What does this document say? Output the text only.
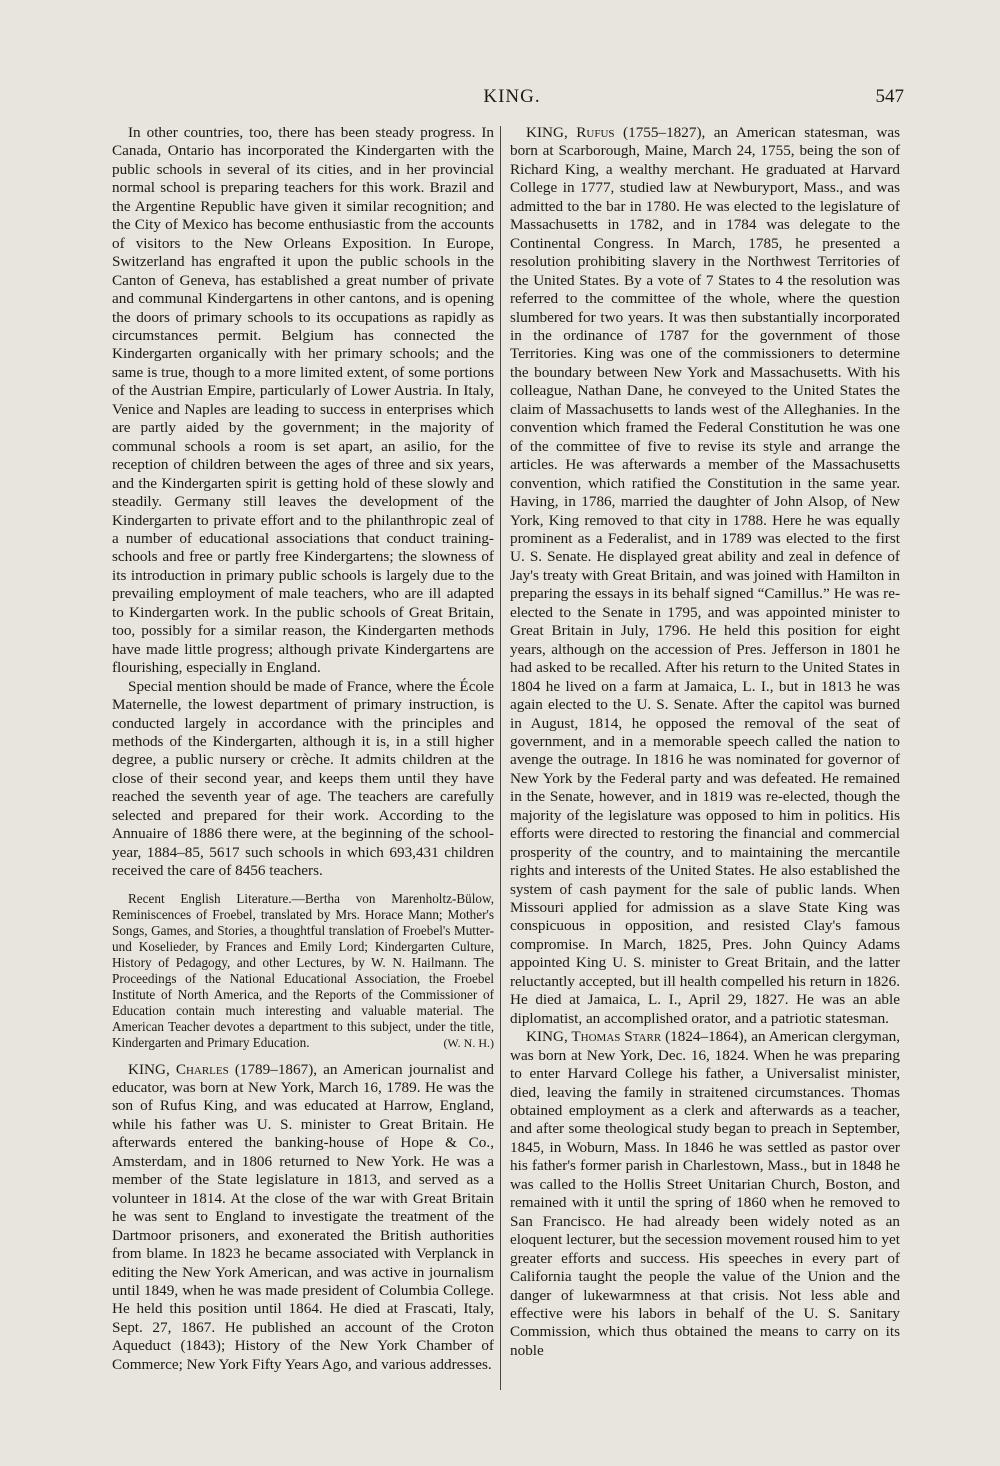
KING.	547

In other countries, too, there has been steady progress. In Canada, Ontario has incorporated the Kindergarten with the public schools in several of its cities, and in her provincial normal school is preparing teachers for this work. Brazil and the Argentine Republic have given it similar recognition; and the City of Mexico has become enthusiastic from the accounts of visitors to the New Orleans Exposition. In Europe, Switzerland has engrafted it upon the public schools in the Canton of Geneva, has established a great number of private and communal Kindergartens in other cantons, and is opening the doors of primary schools to its occupations as rapidly as circumstances permit. Belgium has connected the Kindergarten organically with her primary schools; and the same is true, though to a more limited extent, of some portions of the Austrian Empire, particularly of Lower Austria. In Italy, Venice and Naples are leading to success in enterprises which are partly aided by the government; in the majority of communal schools a room is set apart, an asilio, for the reception of children between the ages of three and six years, and the Kindergarten spirit is getting hold of these slowly and steadily. Germany still leaves the development of the Kindergarten to private effort and to the philanthropic zeal of a number of educational associations that conduct training-schools and free or partly free Kindergartens; the slowness of its introduction in primary public schools is largely due to the prevailing employment of male teachers, who are ill adapted to Kindergarten work. In the public schools of Great Britain, too, possibly for a similar reason, the Kindergarten methods have made little progress; although private Kindergartens are flourishing, especially in England.

Special mention should be made of France, where the École Maternelle, the lowest department of primary instruction, is conducted largely in accordance with the principles and methods of the Kindergarten, although it is, in a still higher degree, a public nursery or crèche. It admits children at the close of their second year, and keeps them until they have reached the seventh year of age. The teachers are carefully selected and prepared for their work. According to the Annuaire of 1886 there were, at the beginning of the school-year, 1884–85, 5617 such schools in which 693,431 children received the care of 8456 teachers.

Recent English Literature.—Bertha von Marenholtz-Bülow, Reminiscences of Froebel, translated by Mrs. Horace Mann; Mother's Songs, Games, and Stories, a thoughtful translation of Froebel's Mutter- und Koselieder, by Frances and Emily Lord; Kindergarten Culture, History of Pedagogy, and other Lectures, by W. N. Hailmann. The Proceedings of the National Educational Association, the Froebel Institute of North America, and the Reports of the Commissioner of Education contain much interesting and valuable material. The American Teacher devotes a department to this subject, under the title, Kindergarten and Primary Education.	(W. N. H.)

KING, Charles (1789–1867), an American journalist and educator, was born at New York, March 16, 1789. He was the son of Rufus King, and was educated at Harrow, England, while his father was U. S. minister to Great Britain. He afterwards entered the banking-house of Hope & Co., Amsterdam, and in 1806 returned to New York. He was a member of the State legislature in 1813, and served as a volunteer in 1814. At the close of the war with Great Britain he was sent to England to investigate the treatment of the Dartmoor prisoners, and exonerated the British authorities from blame. In 1823 he became associated with Verplanck in editing the New York American, and was active in journalism until 1849, when he was made president of Columbia College. He held this position until 1864. He died at Frascati, Italy, Sept. 27, 1867. He published an account of the Croton Aqueduct (1843); History of the New York Chamber of Commerce; New York Fifty Years Ago, and various addresses.

KING, Rufus (1755–1827), an American statesman, was born at Scarborough, Maine, March 24, 1755, being the son of Richard King, a wealthy merchant. He graduated at Harvard College in 1777, studied law at Newburyport, Mass., and was admitted to the bar in 1780. He was elected to the legislature of Massachusetts in 1782, and in 1784 was delegate to the Continental Congress. In March, 1785, he presented a resolution prohibiting slavery in the Northwest Territories of the United States. By a vote of 7 States to 4 the resolution was referred to the committee of the whole, where the question slumbered for two years. It was then substantially incorporated in the ordinance of 1787 for the government of those Territories. King was one of the commissioners to determine the boundary between New York and Massachusetts. With his colleague, Nathan Dane, he conveyed to the United States the claim of Massachusetts to lands west of the Alleghanies. In the convention which framed the Federal Constitution he was one of the committee of five to revise its style and arrange the articles. He was afterwards a member of the Massachusetts convention, which ratified the Constitution in the same year. Having, in 1786, married the daughter of John Alsop, of New York, King removed to that city in 1788. Here he was equally prominent as a Federalist, and in 1789 was elected to the first U. S. Senate. He displayed great ability and zeal in defence of Jay's treaty with Great Britain, and was joined with Hamilton in preparing the essays in its behalf signed “Camillus.” He was re-elected to the Senate in 1795, and was appointed minister to Great Britain in July, 1796. He held this position for eight years, although on the accession of Pres. Jefferson in 1801 he had asked to be recalled. After his return to the United States in 1804 he lived on a farm at Jamaica, L. I., but in 1813 he was again elected to the U. S. Senate. After the capitol was burned in August, 1814, he opposed the removal of the seat of government, and in a memorable speech called the nation to avenge the outrage. In 1816 he was nominated for governor of New York by the Federal party and was defeated. He remained in the Senate, however, and in 1819 was re-elected, though the majority of the legislature was opposed to him in politics. His efforts were directed to restoring the financial and commercial prosperity of the country, and to maintaining the mercantile rights and interests of the United States. He also established the system of cash payment for the sale of public lands. When Missouri applied for admission as a slave State King was conspicuous in opposition, and resisted Clay's famous compromise. In March, 1825, Pres. John Quincy Adams appointed King U. S. minister to Great Britain, and the latter reluctantly accepted, but ill health compelled his return in 1826. He died at Jamaica, L. I., April 29, 1827. He was an able diplomatist, an accomplished orator, and a patriotic statesman.

KING, Thomas Starr (1824–1864), an American clergyman, was born at New York, Dec. 16, 1824. When he was preparing to enter Harvard College his father, a Universalist minister, died, leaving the family in straitened circumstances. Thomas obtained employment as a clerk and afterwards as a teacher, and after some theological study began to preach in September, 1845, in Woburn, Mass. In 1846 he was settled as pastor over his father's former parish in Charlestown, Mass., but in 1848 he was called to the Hollis Street Unitarian Church, Boston, and remained with it until the spring of 1860 when he removed to San Francisco. He had already been widely noted as an eloquent lecturer, but the secession movement roused him to yet greater efforts and success. His speeches in every part of California taught the people the value of the Union and the danger of lukewarmness at that crisis. Not less able and effective were his labors in behalf of the U. S. Sanitary Commission, which thus obtained the means to carry on its noble
